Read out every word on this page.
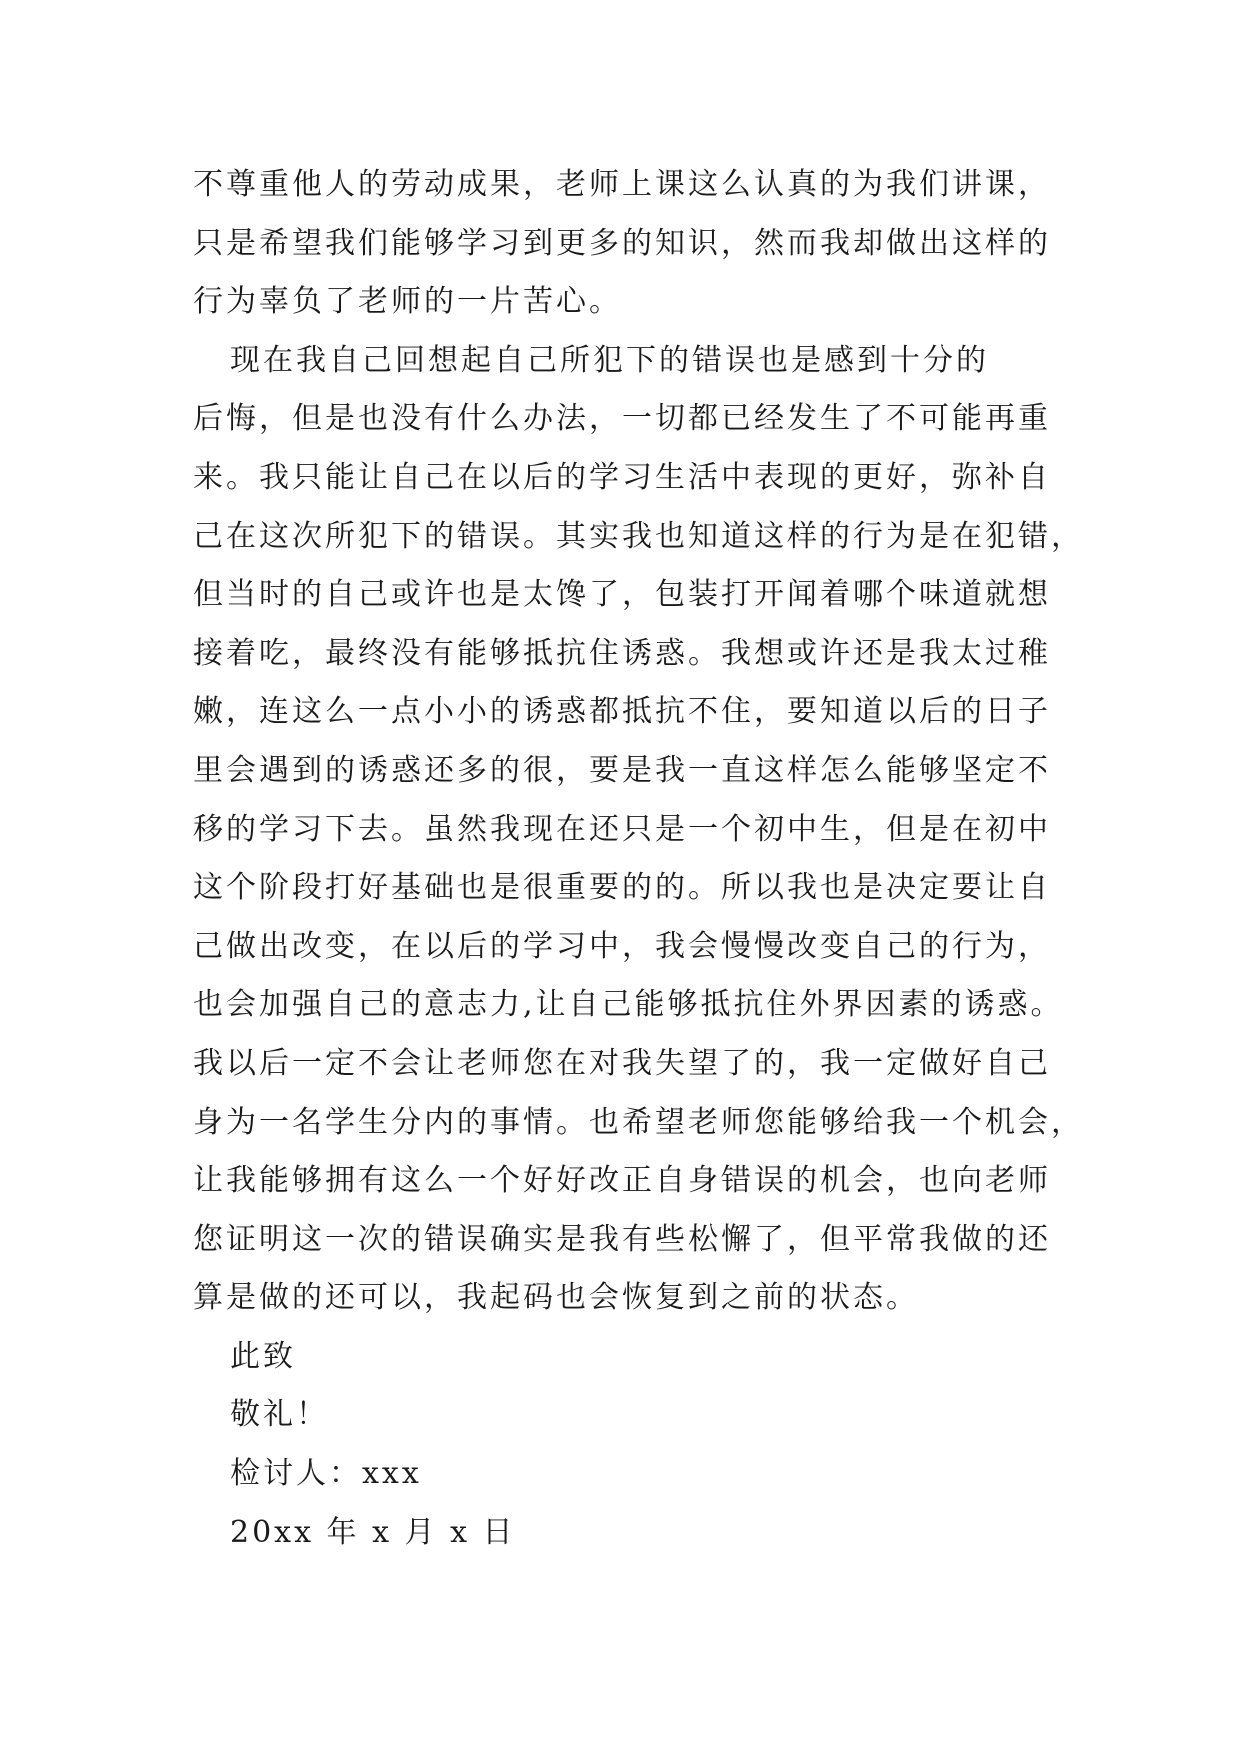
不尊重他人的劳动成果，老师上课这么认真的为我们讲课，
只是希望我们能够学习到更多的知识，然而我却做出这样的
行为辜负了老师的一片苦心。
现在我自己回想起自己所犯下的错误也是感到十分的
后悔，但是也没有什么办法，一切都已经发生了不可能再重
来。我只能让自己在以后的学习生活中表现的更好，弥补自
己在这次所犯下的错误。其实我也知道这样的行为是在犯错，
但当时的自己或许也是太馋了，包装打开闻着哪个味道就想
接着吃，最终没有能够抵抗住诱惑。我想或许还是我太过稚
嫩，连这么一点小小的诱惑都抵抗不住，要知道以后的日子
里会遇到的诱惑还多的很，要是我一直这样怎么能够坚定不
移的学习下去。虽然我现在还只是一个初中生，但是在初中
这个阶段打好基础也是很重要的的。所以我也是决定要让自
己做出改变，在以后的学习中，我会慢慢改变自己的行为，
也会加强自己的意志力,让自己能够抵抗住外界因素的诱惑。
我以后一定不会让老师您在对我失望了的，我一定做好自己
身为一名学生分内的事情。也希望老师您能够给我一个机会，
让我能够拥有这么一个好好改正自身错误的机会，也向老师
您证明这一次的错误确实是我有些松懈了，但平常我做的还
算是做的还可以，我起码也会恢复到之前的状态。
此致
敬礼！
检讨人：xxx
20xx 年 x 月 x 日
